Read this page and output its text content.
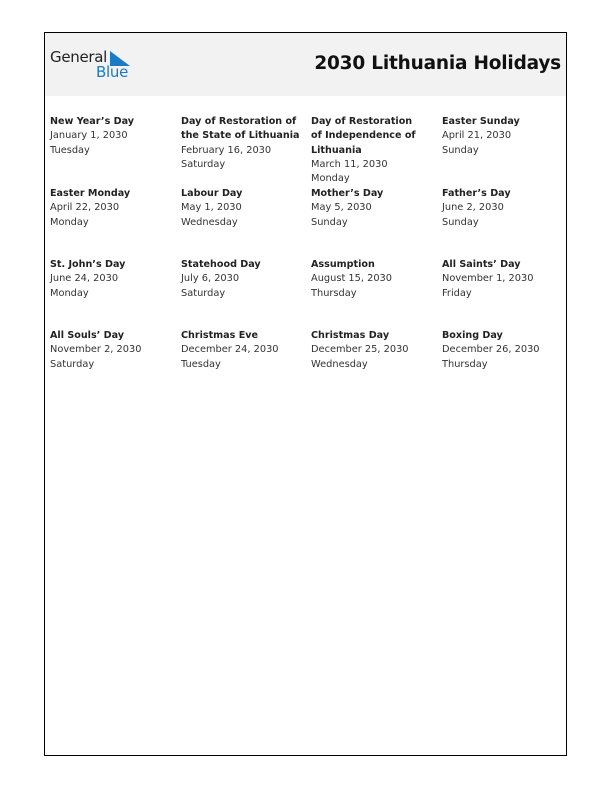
General
Blue	2030 Lithuania Holidays
New Year’s Day
January 1, 2030
Tuesday
Day of Restoration of the State of Lithuania
February 16, 2030
Saturday
Day of Restoration of Independence of Lithuania
March 11, 2030
Monday
Easter Sunday
April 21, 2030
Sunday
Easter Monday
April 22, 2030
Monday
Labour Day
May 1, 2030
Wednesday
Mother’s Day
May 5, 2030
Sunday
Father’s Day
June 2, 2030
Sunday
St. John’s Day
June 24, 2030
Monday
Statehood Day
July 6, 2030
Saturday
Assumption
August 15, 2030
Thursday
All Saints’ Day
November 1, 2030
Friday
All Souls’ Day
November 2, 2030
Saturday
Christmas Eve
December 24, 2030
Tuesday
Christmas Day
December 25, 2030
Wednesday
Boxing Day
December 26, 2030
Thursday
